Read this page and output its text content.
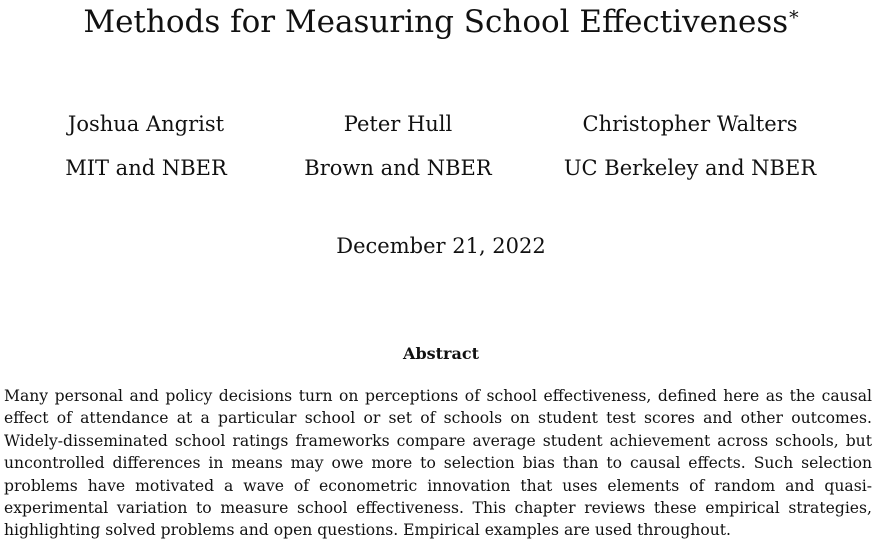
Methods for Measuring School Effectiveness*
Joshua Angrist
MIT and NBER
Peter Hull
Brown and NBER
Christopher Walters
UC Berkeley and NBER
December 21, 2022
Abstract
Many personal and policy decisions turn on perceptions of school effectiveness, defined here as the causal effect of attendance at a particular school or set of schools on student test scores and other outcomes. Widely-disseminated school ratings frameworks compare average student achievement across schools, but uncontrolled differences in means may owe more to selection bias than to causal effects. Such selection problems have motivated a wave of econometric innovation that uses elements of random and quasi-experimental variation to measure school effectiveness. This chapter reviews these empirical strategies, highlighting solved problems and open questions. Empirical examples are used throughout.
